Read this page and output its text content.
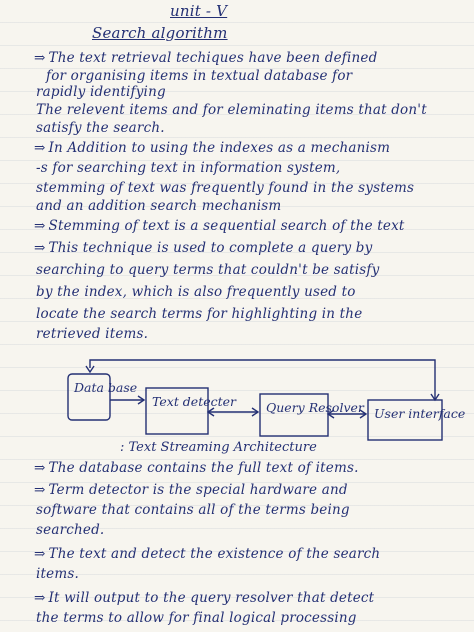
unit - V
Search algorithm
⇒ The text retrieval techiques have been defined
for organising items in textual database for
rapidly identifying
The relevent items and for eleminating items that don't
satisfy the search.
⇒ In Addition to using the indexes as a mechanism
-s for searching text in information system,
stemming of text was frequently found in the systems
and an addition search mechanism
⇒ Stemming of text is a sequential search of the text
⇒ This technique is used to complete a query by
searching to query terms that couldn't be satisfy
by the index, which is also frequently used to
locate the search terms for highlighting in the
retrieved items.
Data base
Text detecter Query Resolver User interface
: Text Streaming Architecture
⇒ The database contains the full text of items.
⇒ Term detector is the special hardware and
software that contains all of the terms being
searched.
⇒ The text and detect the existence of the search
items.
⇒ It will output to the query resolver that detect
the terms to allow for final logical processing
